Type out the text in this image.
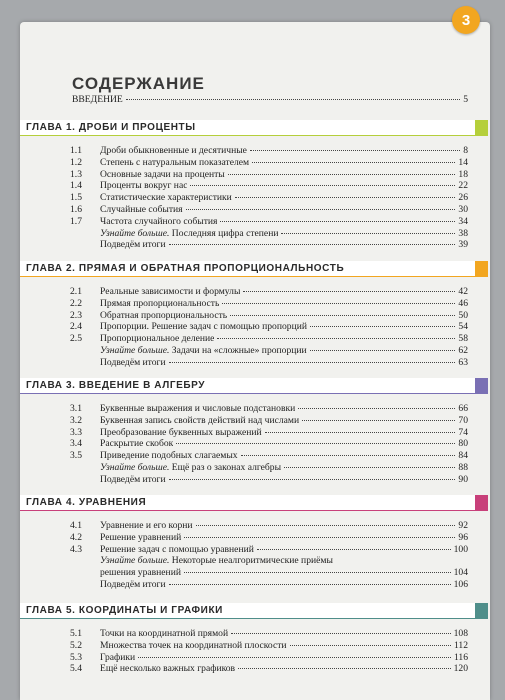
СОДЕРЖАНИЕ
ВВЕДЕНИЕ	5
ГЛАВА 1. ДРОБИ И ПРОЦЕНТЫ
1.1 Дроби обыкновенные и десятичные	8
1.2 Степень с натуральным показателем	14
1.3 Основные задачи на проценты	18
1.4 Проценты вокруг нас	22
1.5 Статистические характеристики	26
1.6 Случайные события	30
1.7 Частота случайного события	34
Узнайте больше. Последняя цифра степени	38
Подведём итоги	39
ГЛАВА 2. ПРЯМАЯ И ОБРАТНАЯ ПРОПОРЦИОНАЛЬНОСТЬ
2.1 Реальные зависимости и формулы	42
2.2 Прямая пропорциональность	46
2.3 Обратная пропорциональность	50
2.4 Пропорции. Решение задач с помощью пропорций	54
2.5 Пропорциональное деление	58
Узнайте больше. Задачи на «сложные» пропорции	62
Подведём итоги	63
ГЛАВА 3. ВВЕДЕНИЕ В АЛГЕБРУ
3.1 Буквенные выражения и числовые подстановки	66
3.2 Буквенная запись свойств действий над числами	70
3.3 Преобразование буквенных выражений	74
3.4 Раскрытие скобок	80
3.5 Приведение подобных слагаемых	84
Узнайте больше. Ещё раз о законах алгебры	88
Подведём итоги	90
ГЛАВА 4. УРАВНЕНИЯ
4.1 Уравнение и его корни	92
4.2 Решение уравнений	96
4.3 Решение задач с помощью уравнений	100
Узнайте больше. Некоторые неалгоритмические приёмы
решения уравнений	104
Подведём итоги	106
ГЛАВА 5. КООРДИНАТЫ И ГРАФИКИ
5.1 Точки на координатной прямой	108
5.2 Множества точек на координатной плоскости	112
5.3 Графики	116
5.4 Ещё несколько важных графиков	120
3
